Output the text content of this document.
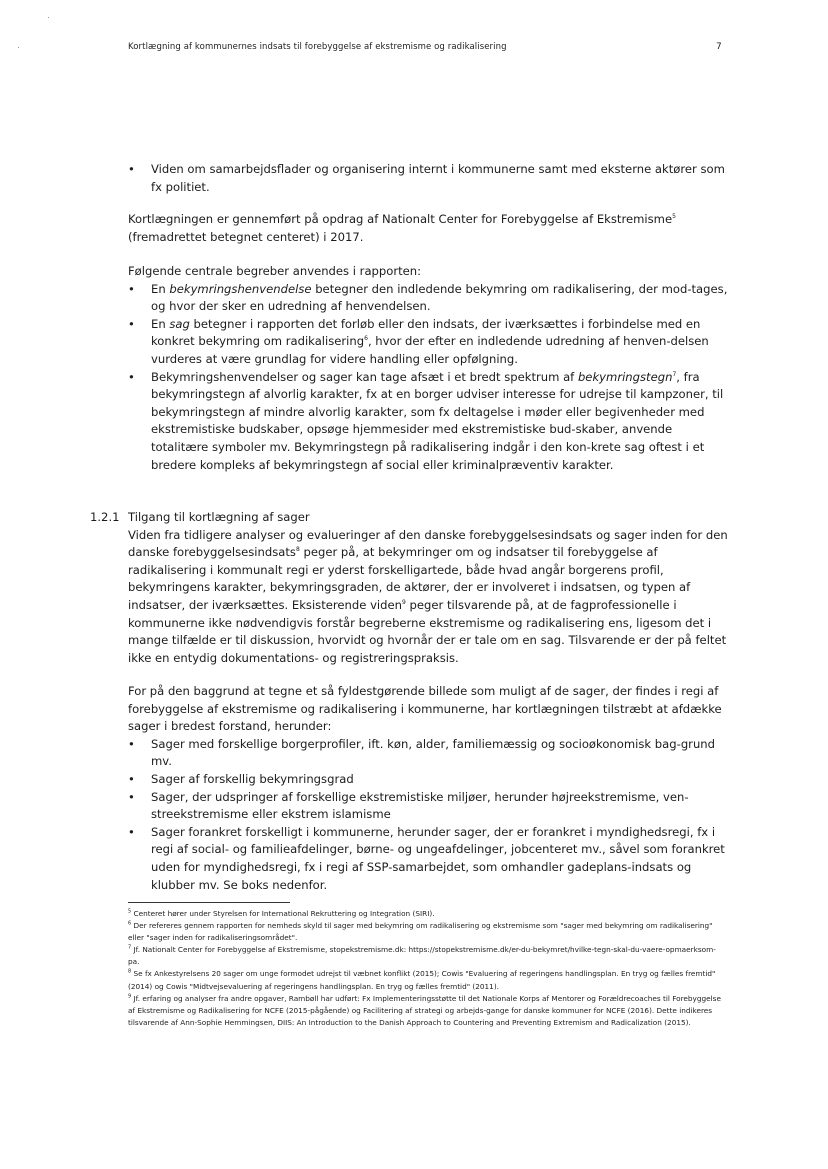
Kortlægning af kommunernes indsats til forebyggelse af ekstremisme og radikalisering	7
• Viden om samarbejdsflader og organisering internt i kommunerne samt med eksterne aktører som fx politiet.

Kortlægningen er gennemført på opdrag af Nationalt Center for Forebyggelse af Ekstremisme$^5$ (fremadrettet betegnet centeret) i 2017.

Følgende centrale begreber anvendes i rapporten:

• En bekymringshenvendelse betegner den indledende bekymring om radikalisering, der mod-tages, og hvor der sker en udredning af henvendelsen.
• En sag betegner i rapporten det forløb eller den indsats, der iværksættes i forbindelse med en konkret bekymring om radikalisering$^6$, hvor der efter en indledende udredning af henven-delsen vurderes at være grundlag for videre handling eller opfølgning.
• Bekymringshenvendelser og sager kan tage afsæt i et bredt spektrum af bekymringstegn$^7$, fra bekymringstegn af alvorlig karakter, fx at en borger udviser interesse for udrejse til kampzoner, til bekymringstegn af mindre alvorlig karakter, som fx deltagelse i møder eller begivenheder med ekstremistiske budskaber, opsøge hjemmesider med ekstremistiske bud-skaber, anvende totalitære symboler mv. Bekymringstegn på radikalisering indgår i den kon-krete sag oftest i et bredere kompleks af bekymringstegn af social eller kriminalpræventiv karakter.
1.2.1 Tilgang til kortlægning af sager

Viden fra tidligere analyser og evalueringer af den danske forebyggelsesindsats og sager inden for den danske forebyggelsesindsats$^8$ peger på, at bekymringer om og indsatser til forebyggelse af radikalisering i kommunalt regi er yderst forskelligartede, både hvad angår borgerens profil, bekymringens karakter, bekymringsgraden, de aktører, der er involveret i indsatsen, og typen af indsatser, der iværksættes. Eksisterende viden$^9$ peger tilsvarende på, at de fagprofessionelle i kommunerne ikke nødvendigvis forstår begreberne ekstremisme og radikalisering ens, ligesom det i mange tilfælde er til diskussion, hvorvidt og hvornår der er tale om en sag. Tilsvarende er der på feltet ikke en entydig dokumentations- og registreringspraksis.

For på den baggrund at tegne et så fyldestgørende billede som muligt af de sager, der findes i regi af forebyggelse af ekstremisme og radikalisering i kommunerne, har kortlægningen tilstræbt at afdække sager i bredest forstand, herunder:

• Sager med forskellige borgerprofiler, ift. køn, alder, familiemæssig og socioøkonomisk bag-grund mv.
• Sager af forskellig bekymringsgrad
• Sager, der udspringer af forskellige ekstremistiske miljøer, herunder højreekstremisme, ven-streekstremisme eller ekstrem islamisme
• Sager forankret forskelligt i kommunerne, herunder sager, der er forankret i myndighedsregi, fx i regi af social- og familieafdelinger, børne- og ungeafdelinger, jobcenteret mv., såvel som forankret uden for myndighedsregi, fx i regi af SSP-samarbejdet, som omhandler gadeplans-indsats og klubber mv. Se boks nedenfor.

$^5$ Centeret hører under Styrelsen for International Rekruttering og Integration (SIRI).

$^6$ Der refereres gennem rapporten for nemheds skyld til sager med bekymring om radikalisering og ekstremisme som "sager med bekymring om radikalisering" eller "sager inden for radikaliseringsområdet".

$^7$ Jf. Nationalt Center for Forebyggelse af Ekstremisme, stopekstremisme.dk: https://stopekstremisme.dk/er-du-bekymret/hvilke-tegn-skal-du-vaere-opmaerksom-pa.

$^8$ Se fx Ankestyrelsens 20 sager om unge formodet udrejst til væbnet konflikt (2015); Cowis "Evaluering af regeringens handlingsplan. En tryg og fælles fremtid" (2014) og Cowis "Midtvejsevaluering af regeringens handlingsplan. En tryg og fælles fremtid" (2011).

$^9$ Jf. erfaring og analyser fra andre opgaver, Rambøll har udført: Fx Implementeringsstøtte til det Nationale Korps af Mentorer og Forældrecoaches til Forebyggelse af Ekstremisme og Radikalisering for NCFE (2015-pågående) og Facilitering af strategi og arbejds-gange for danske kommuner for NCFE (2016). Dette indikeres tilsvarende af Ann-Sophie Hemmingsen, DIIS: An Introduction to the Danish Approach to Countering and Preventing Extremism and Radicalization (2015).
